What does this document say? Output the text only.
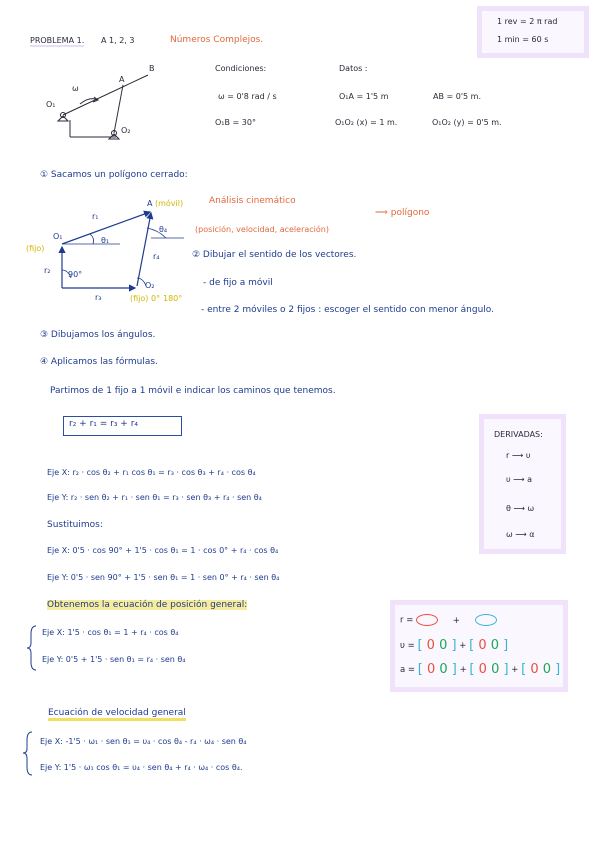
1 rev = 2 π rad
1 min = 60 s
PROBLEMA 1. A 1, 2, 3	Números Complejos.
B
A
O₁
O₂
ω
Condiciones:	Datos :
ω = 0'8 rad / s	O₁A = 1'5 m	AB = 0'5 m.
O₁B = 30°	O₁O₂ (x) = 1 m.	O₁O₂ (y) = 0'5 m.
① Sacamos un polígono cerrado:
A (móvil)
O₁
(fijo)
O₂
(fijo)
r₁
r₂
r₃
r₄
θ₁
θ₄
90°
0° 180°
Análisis cinemático
(posición, velocidad, aceleración)
⟹ polígono
② Dibujar el sentido de los vectores.
- de fijo a móvil
- entre 2 móviles o 2 fijos : escoger el sentido con menor ángulo.
③ Dibujamos los ángulos.
④ Aplicamos las fórmulas.
Partimos de 1 fijo a 1 móvil e indicar los caminos que tenemos.
r₂ + r₁ = r₃ + r₄
DERIVADAS:
r ⟶ υ
υ ⟶ a
θ ⟶ ω
ω ⟶ α
Eje X: r₂ · cos θ₂ + r₁ cos θ₁ = r₃ · cos θ₃ + r₄ · cos θ₄
Eje Y: r₂ · sen θ₂ + r₁ · sen θ₁ = r₃ · sen θ₃ + r₄ · sen θ₄
Sustituimos:
Eje X: 0'5 · cos 90° + 1'5 · cos θ₁ = 1 · cos 0° + r₄ · cos θ₄
Eje Y: 0'5 · sen 90° + 1'5 · sen θ₁ = 1 · sen 0° + r₄ · sen θ₄
Obtenemos la ecuación de posición general:
Eje X: 1'5 · cos θ₁ = 1 + r₄ · cos θ₄
Eje Y: 0'5 + 1'5 · sen θ₁ = r₄ · sen θ₄
r =	+
υ = [ 0 0 ] + [ 0 0 ]
a = [ 0 0 ] + [ 0 0 ] + [ 0 0 ]
Ecuación de velocidad general
Eje X: -1'5 · ω₁ · sen θ₁ = υ₄ · cos θ₄ - r₄ · ω₄ · sen θ₄
Eje Y: 1'5 · ω₁ cos θ₁ = υ₄ · sen θ₄ + r₄ · ω₄ · cos θ₄.
